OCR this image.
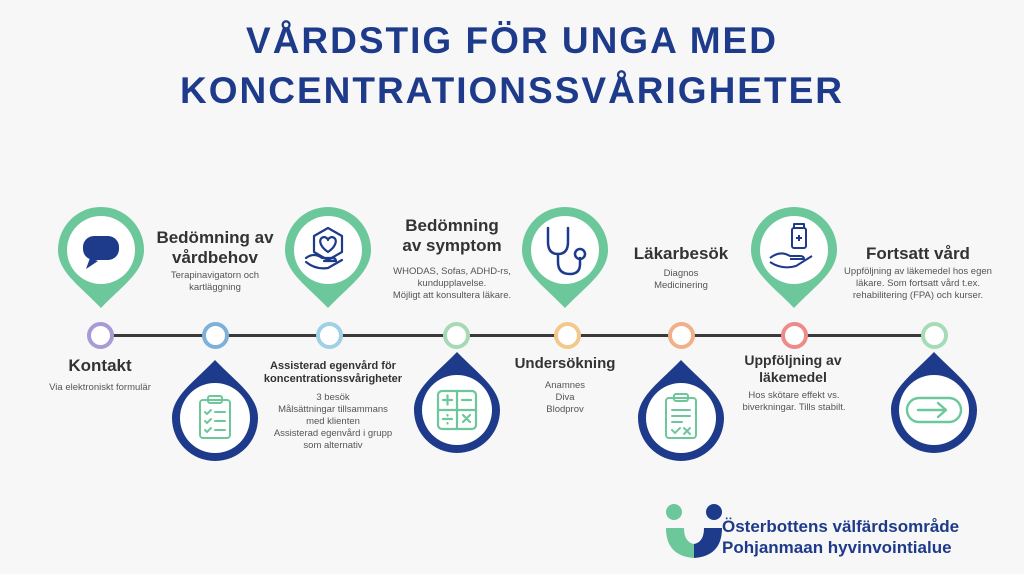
VÅRDSTIG FÖR UNGA MED
KONCENTRATIONSSVÅRIGHETER
Kontakt
Via elektroniskt formulär
Bedömning av
vårdbehov
Terapinavigatorn och
kartläggning
Assisterad egenvård för
koncentrationssvårigheter
3 besök
Målsättningar tillsammans
med klienten
Assisterad egenvård i grupp
som alternativ
Bedömning
av symptom
WHODAS, Sofas, ADHD-rs,
kundupplavelse.
Möjligt att konsultera läkare.
Undersökning
Anamnes
Diva
Blodprov
Läkarbesök
Diagnos
Medicinering
Uppföljning av
läkemedel
Hos skötare effekt vs.
biverkningar. Tills stabilt.
Fortsatt vård
Uppföljning av läkemedel hos egen
läkare. Som fortsatt vård t.ex.
rehabilitering (FPA) och kurser.
Österbottens välfärdsområde
Pohjanmaan hyvinvointialue
